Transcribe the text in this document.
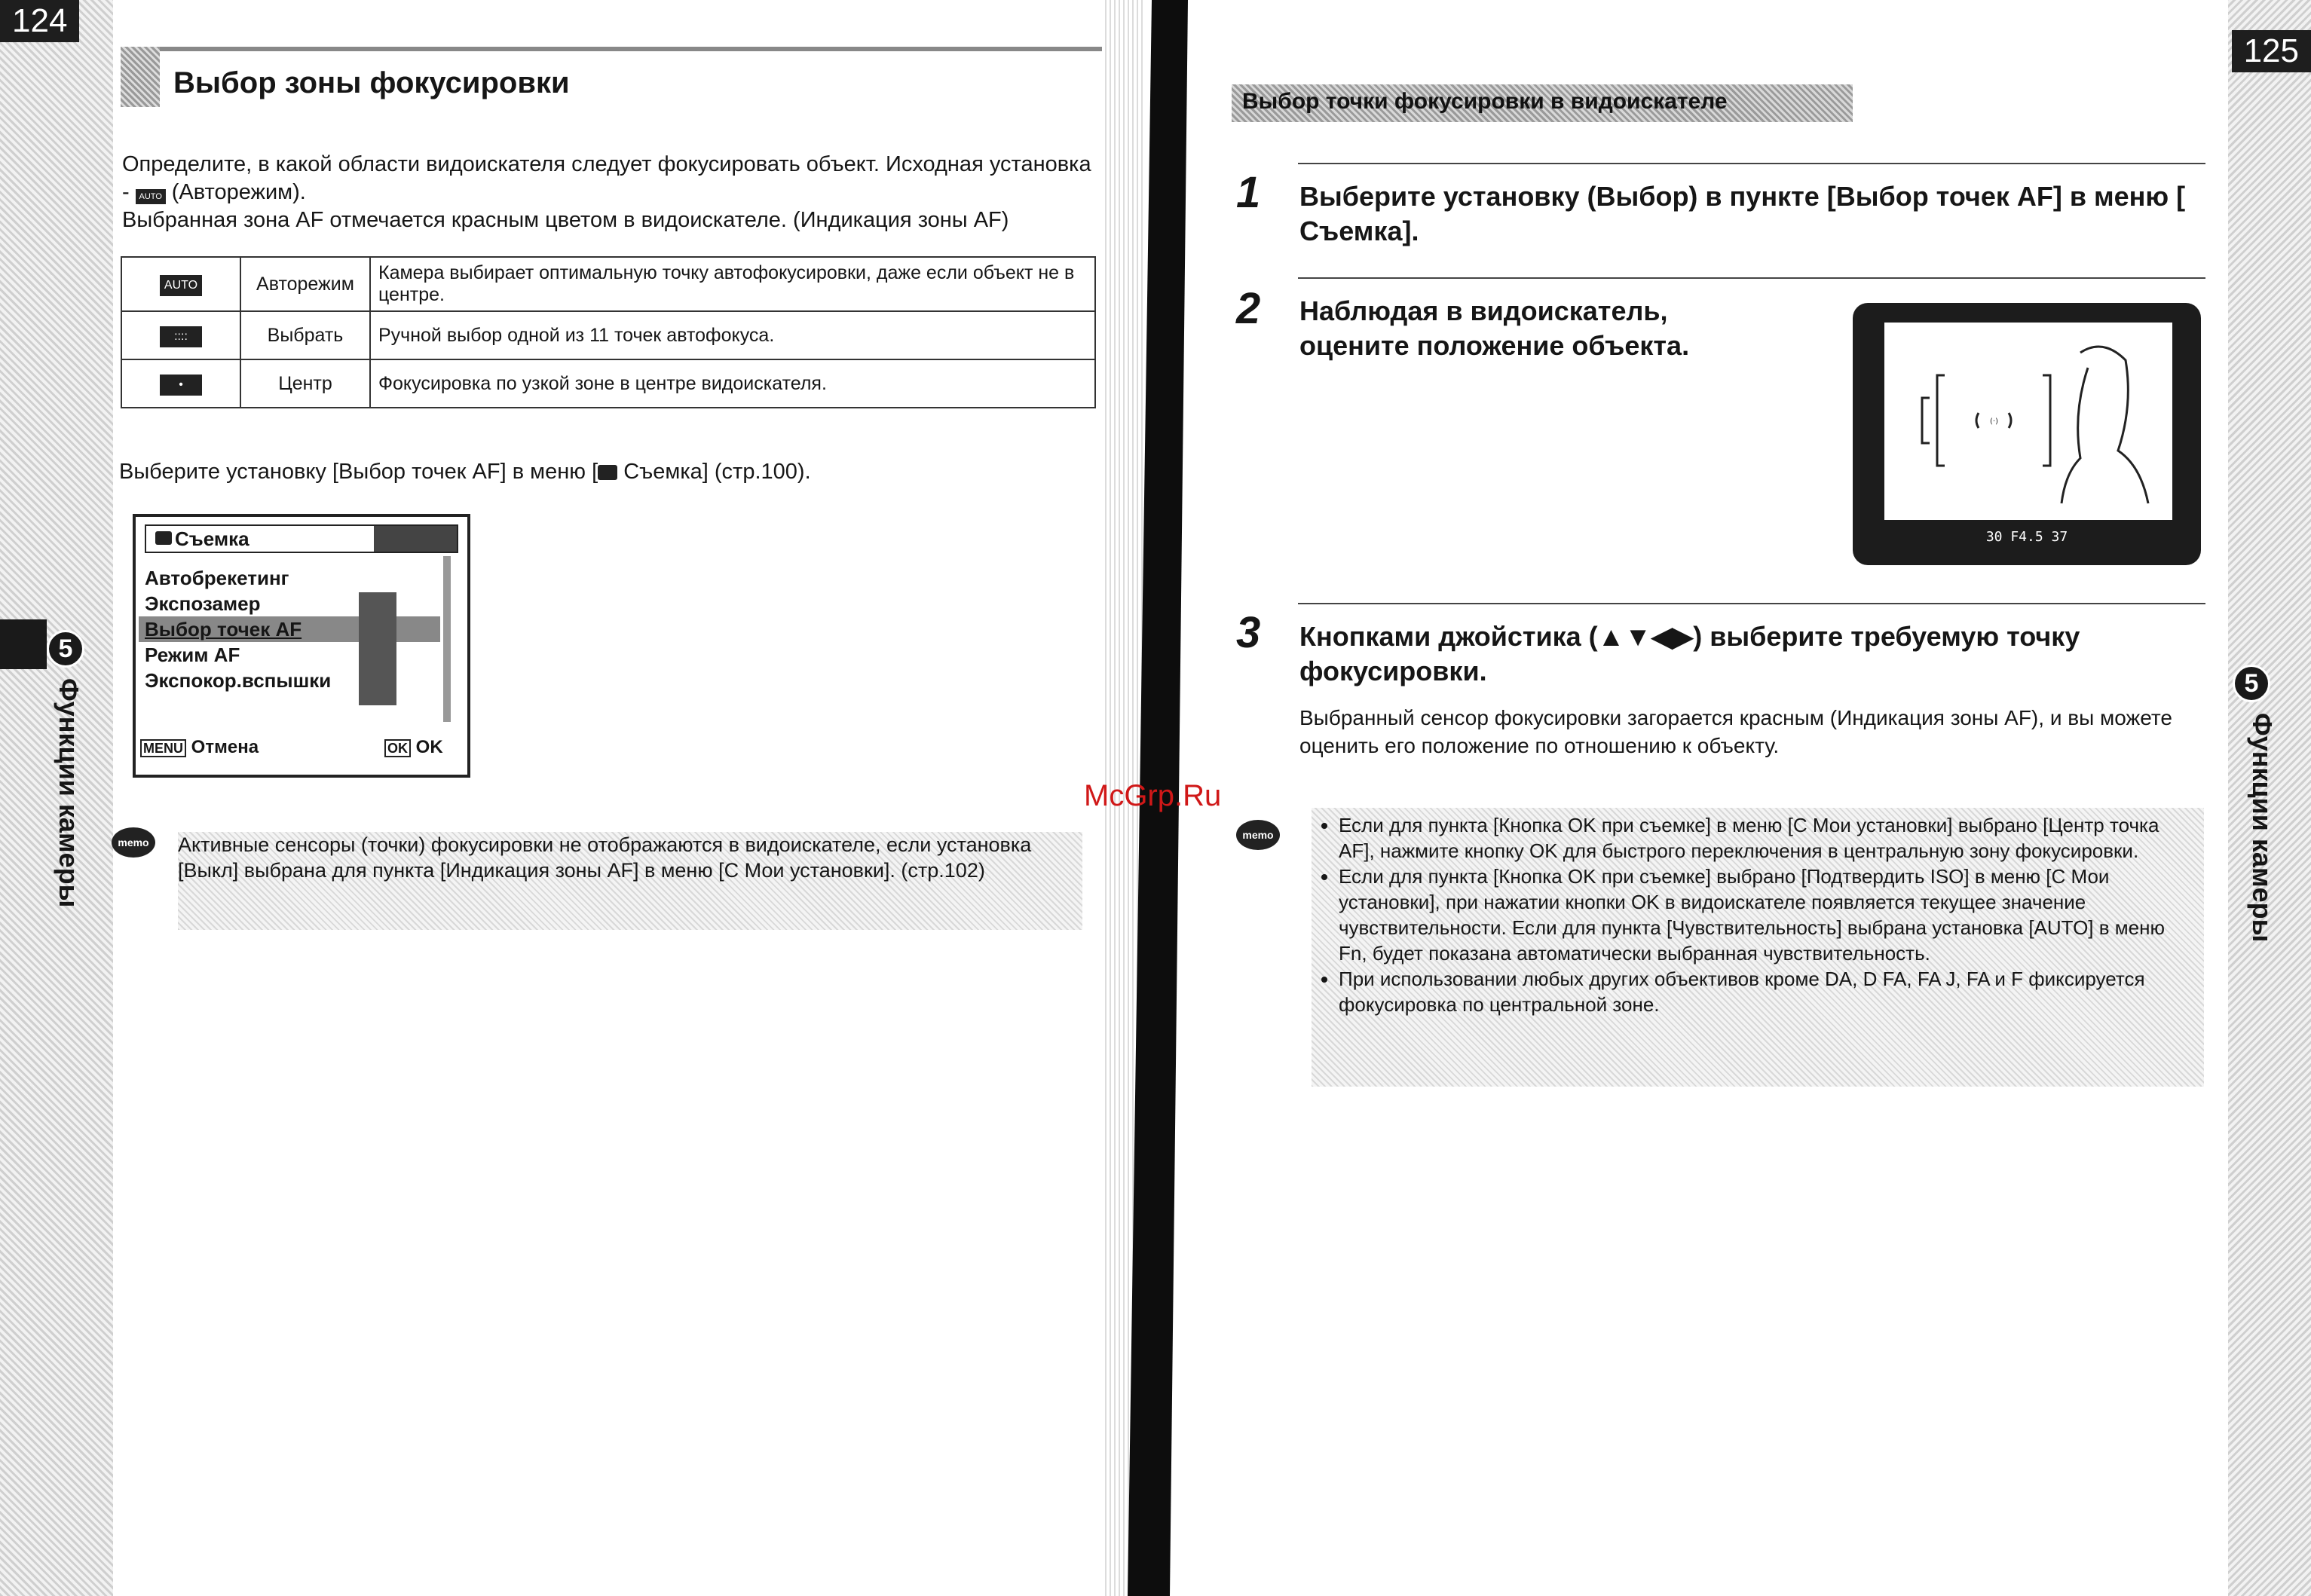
124
Выбор зоны фокусировки

Определите, в какой области видоискателя следует фокусировать объект. Исходная установка - AUTO (Авторежим).

Выбранная зона AF отмечается красным цветом в видоискателе. (Индикация зоны AF)

AUTO	Авторежим	Камера выбирает оптимальную точку автофокусировки, даже если объект не в центре.
::::	Выбрать	Ручной выбор одной из 11 точек автофокуса.
•	Центр	Фокусировка по узкой зоне в центре видоискателя.
Выберите установку [Выбор точек AF] в меню [ Съемка] (стр.100).
Съемка
Автобрекетинг
Экспозамер
Выбор точек AF
Режим AF
Экспокор.вспышки
MENU Отмена	OK OK
memo	Активные сенсоры (точки) фокусировки не отображаются в видоискателе, если установка [Выкл] выбрана для пункта [Индикация зоны AF] в меню [C Мои установки]. (стр.102)

5
Функции камеры	McGrp.Ru
125
Выбор точки фокусировки в видоискателе
1 Выберите установку (Выбор) в пункте [Выбор точек AF] в меню [ Съемка].
2 Наблюдая в видоискатель, оцените положение объекта.
(·)
30 F4.5 37
3 Кнопками джойстика (▲▼◀▶) выберите требуемую точку фокусировки.
Выбранный сенсор фокусировки загорается красным (Индикация зоны AF), и вы можете оценить его положение по отношению к объекту.
memo	• Если для пункта [Кнопка OK при съемке] в меню [C Мои установки] выбрано [Центр точка AF], нажмите кнопку OK для быстрого переключения в центральную зону фокусировки.
• Если для пункта [Кнопка OK при съемке] выбрано [Подтвердить ISO] в меню [C Мои установки], при нажатии кнопки OK в видоискателе появляется текущее значение чувствительности. Если для пункта [Чувствительность] выбрана установка [AUTO] в меню Fn, будет показана автоматически выбранная чувствительность.
• При использовании любых других объективов кроме DA, D FA, FA J, FA и F фиксируется фокусировка по центральной зоне.
5
Функции камеры
